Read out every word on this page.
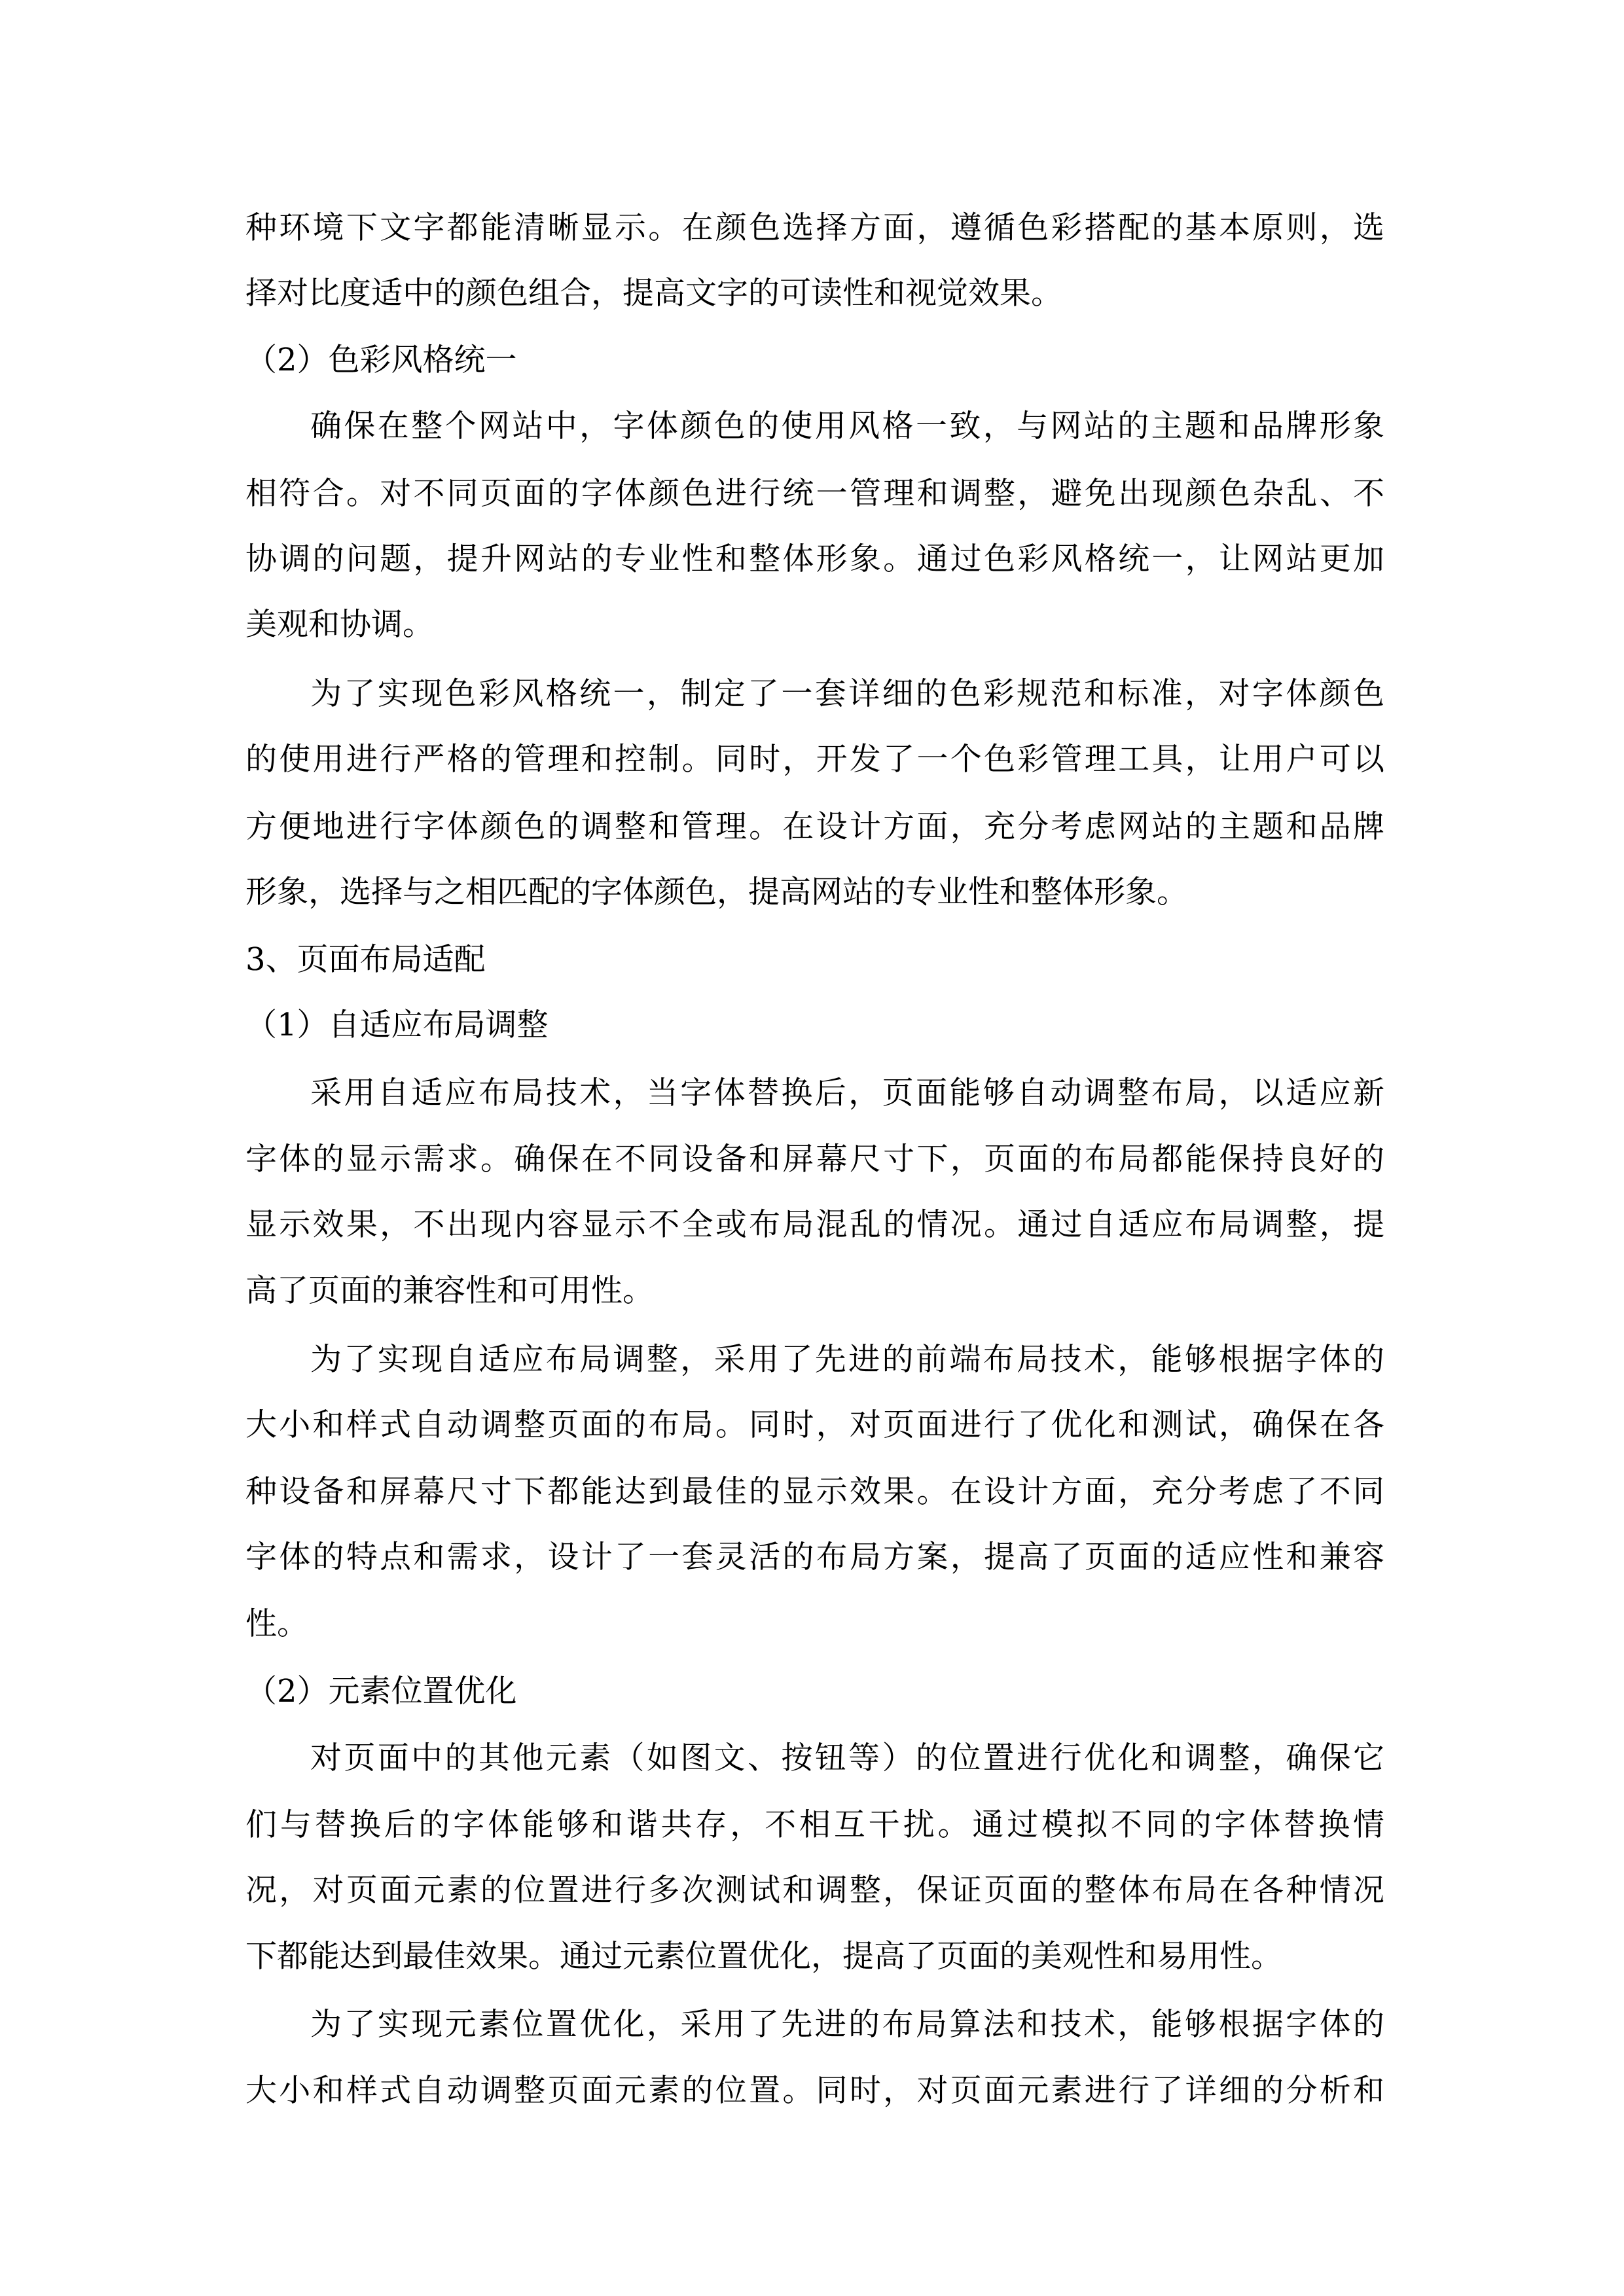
种环境下文字都能清晰显示。在颜色选择方面，遵循色彩搭配的基本原则，选
择对比度适中的颜色组合，提高文字的可读性和视觉效果。
（2）色彩风格统一
确保在整个网站中，字体颜色的使用风格一致，与网站的主题和品牌形象
相符合。对不同页面的字体颜色进行统一管理和调整，避免出现颜色杂乱、不
协调的问题，提升网站的专业性和整体形象。通过色彩风格统一，让网站更加
美观和协调。
为了实现色彩风格统一，制定了一套详细的色彩规范和标准，对字体颜色
的使用进行严格的管理和控制。同时，开发了一个色彩管理工具，让用户可以
方便地进行字体颜色的调整和管理。在设计方面，充分考虑网站的主题和品牌
形象，选择与之相匹配的字体颜色，提高网站的专业性和整体形象。
3、页面布局适配
（1）自适应布局调整
采用自适应布局技术，当字体替换后，页面能够自动调整布局，以适应新
字体的显示需求。确保在不同设备和屏幕尺寸下，页面的布局都能保持良好的
显示效果，不出现内容显示不全或布局混乱的情况。通过自适应布局调整，提
高了页面的兼容性和可用性。
为了实现自适应布局调整，采用了先进的前端布局技术，能够根据字体的
大小和样式自动调整页面的布局。同时，对页面进行了优化和测试，确保在各
种设备和屏幕尺寸下都能达到最佳的显示效果。在设计方面，充分考虑了不同
字体的特点和需求，设计了一套灵活的布局方案，提高了页面的适应性和兼容
性。
（2）元素位置优化
对页面中的其他元素（如图文、按钮等）的位置进行优化和调整，确保它
们与替换后的字体能够和谐共存，不相互干扰。通过模拟不同的字体替换情
况，对页面元素的位置进行多次测试和调整，保证页面的整体布局在各种情况
下都能达到最佳效果。通过元素位置优化，提高了页面的美观性和易用性。
为了实现元素位置优化，采用了先进的布局算法和技术，能够根据字体的
大小和样式自动调整页面元素的位置。同时，对页面元素进行了详细的分析和
